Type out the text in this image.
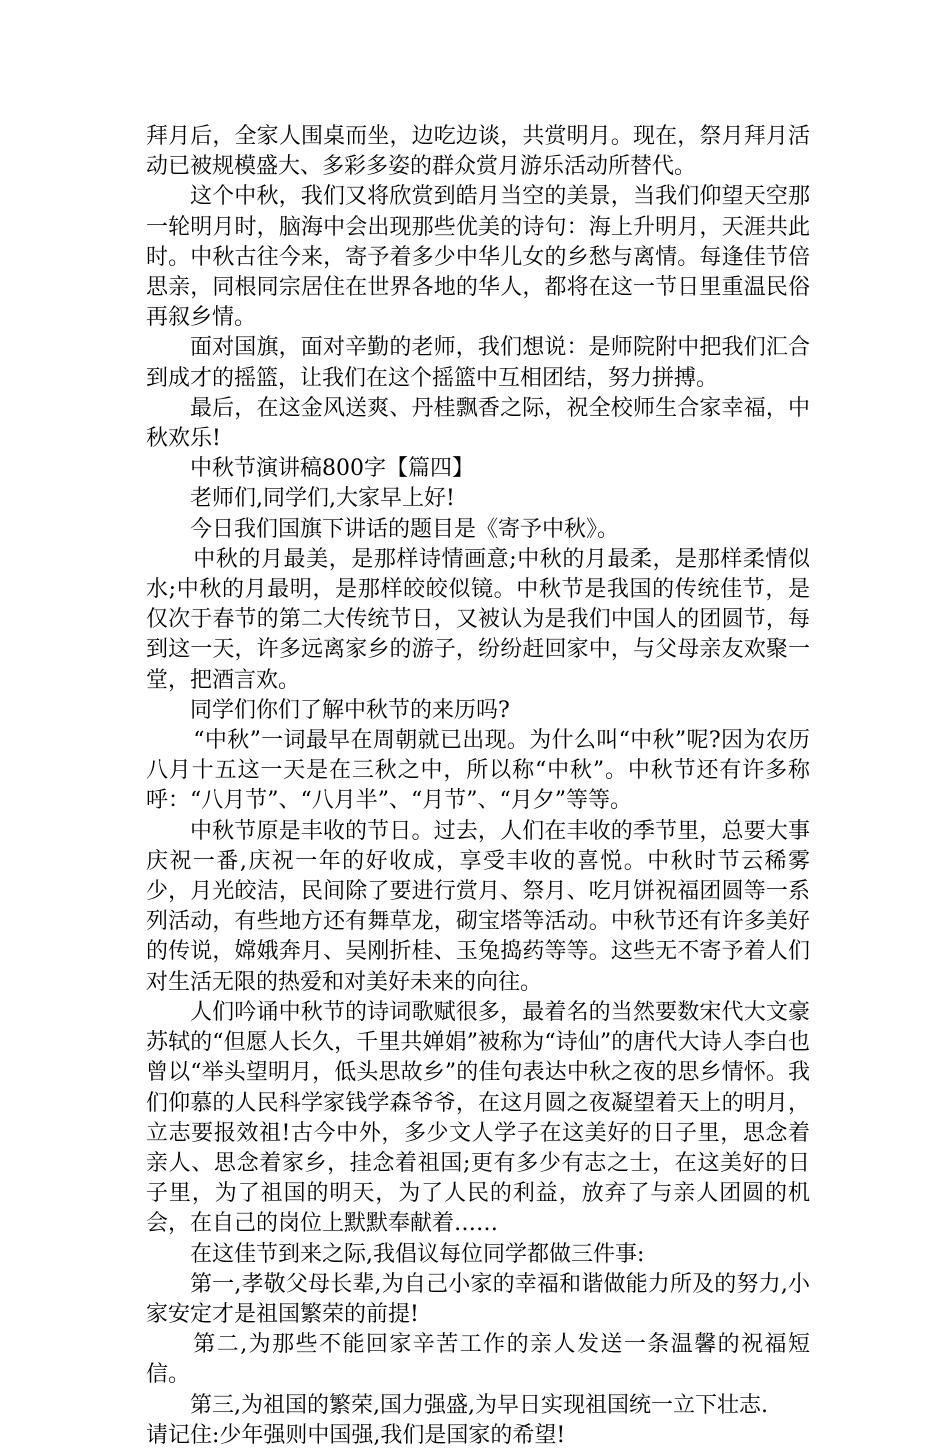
拜月后，全家人围桌而坐，边吃边谈，共赏明月。现在，祭月拜月活动已被规模盛大、多彩多姿的群众赏月游乐活动所替代。

这个中秋，我们又将欣赏到皓月当空的美景，当我们仰望天空那一轮明月时，脑海中会出现那些优美的诗句：海上升明月，天涯共此时。中秋古往今来，寄予着多少中华儿女的乡愁与离情。每逢佳节倍思亲，同根同宗居住在世界各地的华人，都将在这一节日里重温民俗再叙乡情。

面对国旗，面对辛勤的老师，我们想说：是师院附中把我们汇合到成才的摇篮，让我们在这个摇篮中互相团结，努力拼搏。

最后，在这金风送爽、丹桂飘香之际，祝全校师生合家幸福，中秋欢乐!

中秋节演讲稿800字【篇四】

老师们,同学们,大家早上好!

今日我们国旗下讲话的题目是《寄予中秋》。

中秋的月最美，是那样诗情画意;中秋的月最柔，是那样柔情似水;中秋的月最明，是那样皎皎似镜。中秋节是我国的传统佳节，是仅次于春节的第二大传统节日，又被认为是我们中国人的团圆节，每到这一天，许多远离家乡的游子，纷纷赶回家中，与父母亲友欢聚一堂，把酒言欢。

同学们你们了解中秋节的来历吗?

“中秋”一词最早在周朝就已出现。为什么叫“中秋”呢?因为农历八月十五这一天是在三秋之中，所以称“中秋”。中秋节还有许多称呼：“八月节”、“八月半”、“月节”、“月夕”等等。

中秋节原是丰收的节日。过去，人们在丰收的季节里，总要大事庆祝一番,庆祝一年的好收成，享受丰收的喜悦。中秋时节云稀雾少，月光皎洁，民间除了要进行赏月、祭月、吃月饼祝福团圆等一系列活动，有些地方还有舞草龙，砌宝塔等活动。中秋节还有许多美好的传说，嫦娥奔月、吴刚折桂、玉兔捣药等等。这些无不寄予着人们对生活无限的热爱和对美好未来的向往。

人们吟诵中秋节的诗词歌赋很多，最着名的当然要数宋代大文豪苏轼的“但愿人长久，千里共婵娟”被称为“诗仙”的唐代大诗人李白也曾以“举头望明月，低头思故乡”的佳句表达中秋之夜的思乡情怀。我们仰慕的人民科学家钱学森爷爷，在这月圆之夜凝望着天上的明月，立志要报效祖!古今中外，多少文人学子在这美好的日子里，思念着亲人、思念着家乡，挂念着祖国;更有多少有志之士，在这美好的日子里，为了祖国的明天，为了人民的利益，放弃了与亲人团圆的机会，在自己的岗位上默默奉献着……

在这佳节到来之际,我倡议每位同学都做三件事:

第一,孝敬父母长辈,为自己小家的幸福和谐做能力所及的努力,小家安定才是祖国繁荣的前提!

第二,为那些不能回家辛苦工作的亲人发送一条温馨的祝福短信。

第三,为祖国的繁荣,国力强盛,为早日实现祖国统一立下壮志.

请记住:少年强则中国强,我们是国家的希望!
